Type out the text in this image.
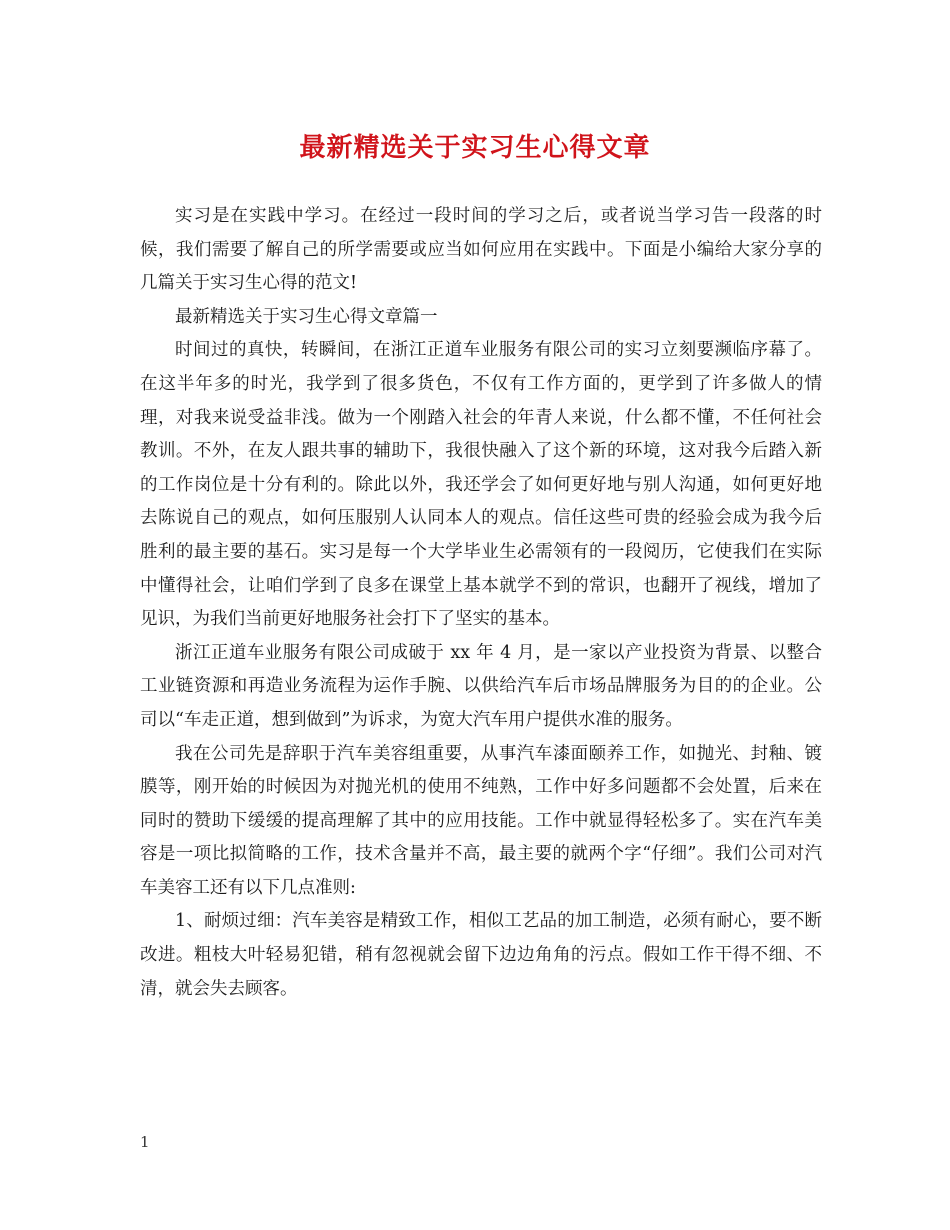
最新精选关于实习生心得文章

实习是在实践中学习。在经过一段时间的学习之后，或者说当学习告一段落的时候，我们需要了解自己的所学需要或应当如何应用在实践中。下面是小编给大家分享的几篇关于实习生心得的范文!

最新精选关于实习生心得文章篇一

时间过的真快，转瞬间，在浙江正道车业服务有限公司的实习立刻要濒临序幕了。在这半年多的时光，我学到了很多货色，不仅有工作方面的，更学到了许多做人的情理，对我来说受益非浅。做为一个刚踏入社会的年青人来说，什么都不懂，不任何社会教训。不外，在友人跟共事的辅助下，我很快融入了这个新的环境，这对我今后踏入新的工作岗位是十分有利的。除此以外，我还学会了如何更好地与别人沟通，如何更好地去陈说自己的观点，如何压服别人认同本人的观点。信任这些可贵的经验会成为我今后胜利的最主要的基石。实习是每一个大学毕业生必需领有的一段阅历，它使我们在实际中懂得社会，让咱们学到了良多在课堂上基本就学不到的常识，也翻开了视线，增加了见识，为我们当前更好地服务社会打下了坚实的基本。

浙江正道车业服务有限公司成破于 xx 年 4 月，是一家以产业投资为背景、以整合工业链资源和再造业务流程为运作手腕、以供给汽车后市场品牌服务为目的的企业。公司以“车走正道，想到做到”为诉求，为宽大汽车用户提供水准的服务。

我在公司先是辞职于汽车美容组重要，从事汽车漆面颐养工作，如抛光、封釉、镀膜等，刚开始的时候因为对抛光机的使用不纯熟，工作中好多问题都不会处置，后来在同时的赞助下缓缓的提高理解了其中的应用技能。工作中就显得轻松多了。实在汽车美容是一项比拟简略的工作，技术含量并不高，最主要的就两个字“仔细”。我们公司对汽车美容工还有以下几点准则:

1、耐烦过细：汽车美容是精致工作，相似工艺品的加工制造，必须有耐心，要不断改进。粗枝大叶轻易犯错，稍有忽视就会留下边边角角的污点。假如工作干得不细、不清，就会失去顾客。

1
